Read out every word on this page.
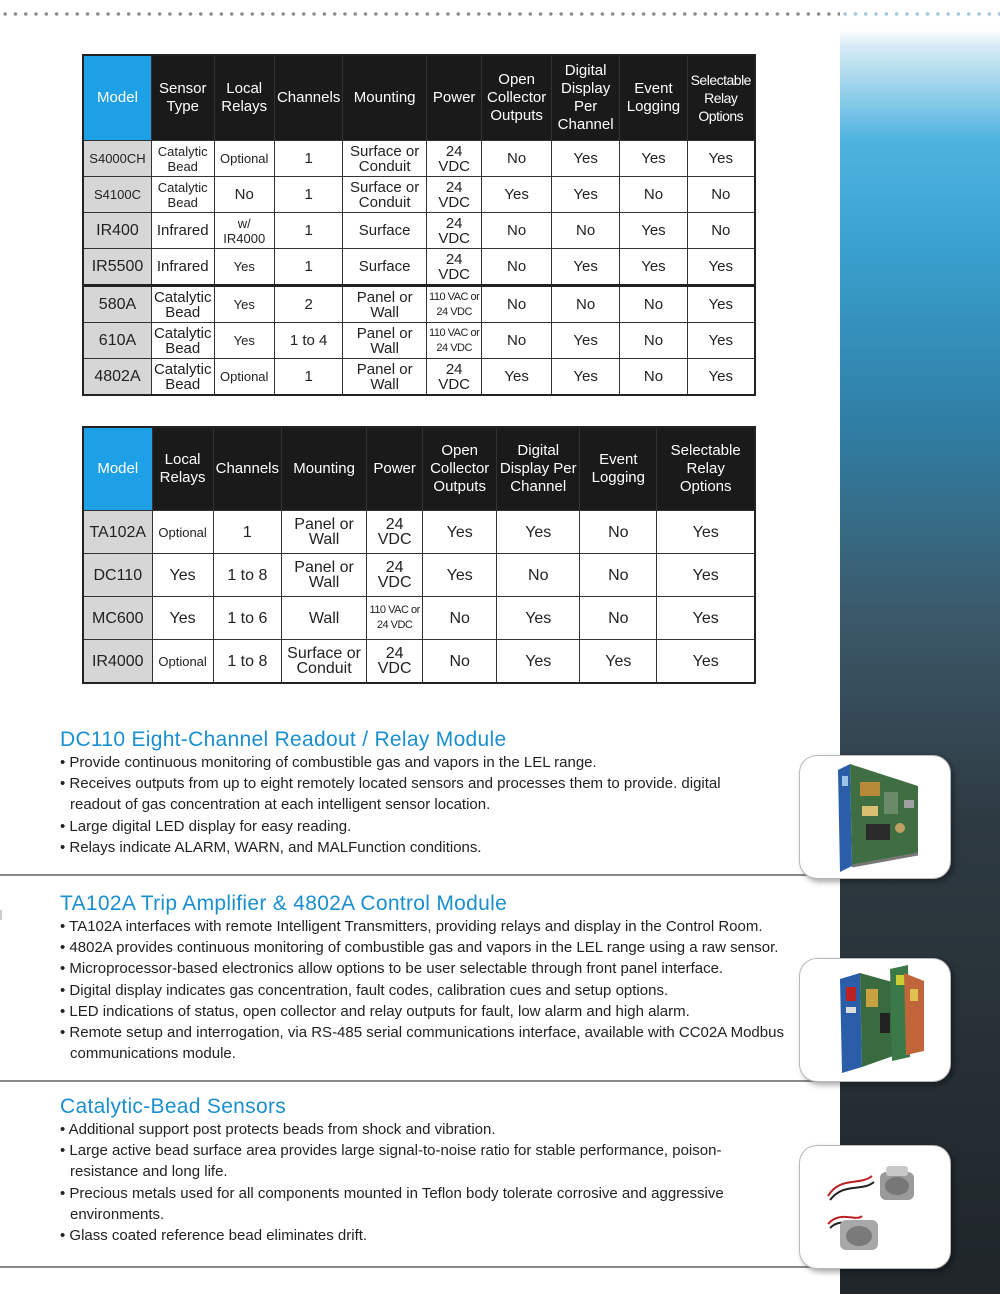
Model	Sensor Type	Local Relays	Channels	Mounting	Power	Open Collector Outputs	Digital Display Per Channel	Event Logging	Selectable Relay Options
S4000CH	Catalytic Bead	Optional	1	Surface or Conduit	24 VDC	No	Yes	Yes	Yes
S4100C	Catalytic Bead	No	1	Surface or Conduit	24 VDC	Yes	Yes	No	No
IR400	Infrared	w/ IR4000	1	Surface	24 VDC	No	No	Yes	No
IR5500	Infrared	Yes	1	Surface	24 VDC	No	Yes	Yes	Yes
580A	Catalytic Bead	Yes	2	Panel or Wall	110 VAC or 24 VDC	No	No	No	Yes
610A	Catalytic Bead	Yes	1 to 4	Panel or Wall	110 VAC or 24 VDC	No	Yes	No	Yes
4802A	Catalytic Bead	Optional	1	Panel or Wall	24 VDC	Yes	Yes	No	Yes
Model	Local Relays	Channels	Mounting	Power	Open Collector Outputs	Digital Display Per Channel	Event Logging	Selectable Relay Options
TA102A	Optional	1	Panel or Wall	24 VDC	Yes	Yes	No	Yes
DC110	Yes	1 to 8	Panel or Wall	24 VDC	Yes	No	No	Yes
MC600	Yes	1 to 6	Wall	110 VAC or 24 VDC	No	Yes	No	Yes
IR4000	Optional	1 to 8	Surface or Conduit	24 VDC	No	Yes	Yes	Yes
DC110 Eight-Channel Readout / Relay Module
• Provide continuous monitoring of combustible gas and vapors in the LEL range.
• Receives outputs from up to eight remotely located sensors and processes them to provide. digital readout of gas concentration at each intelligent sensor location.
• Large digital LED display for easy reading.
• Relays indicate ALARM, WARN, and MALFunction conditions.
TA102A Trip Amplifier & 4802A Control Module
• TA102A interfaces with remote Intelligent Transmitters, providing relays and display in the Control Room.
• 4802A provides continuous monitoring of combustible gas and vapors in the LEL range using a raw sensor.
• Microprocessor-based electronics allow options to be user selectable through front panel interface.
• Digital display indicates gas concentration, fault codes, calibration cues and setup options.
• LED indications of status, open collector and relay outputs for fault, low alarm and high alarm.
• Remote setup and interrogation, via RS-485 serial communications interface, available with CC02A Modbus communications module.
Catalytic-Bead Sensors
• Additional support post protects beads from shock and vibration.
• Large active bead surface area provides large signal-to-noise ratio for stable performance, poison-resistance and long life.
• Precious metals used for all components mounted in Teflon body tolerate corrosive and aggressive environments.
• Glass coated reference bead eliminates drift.
